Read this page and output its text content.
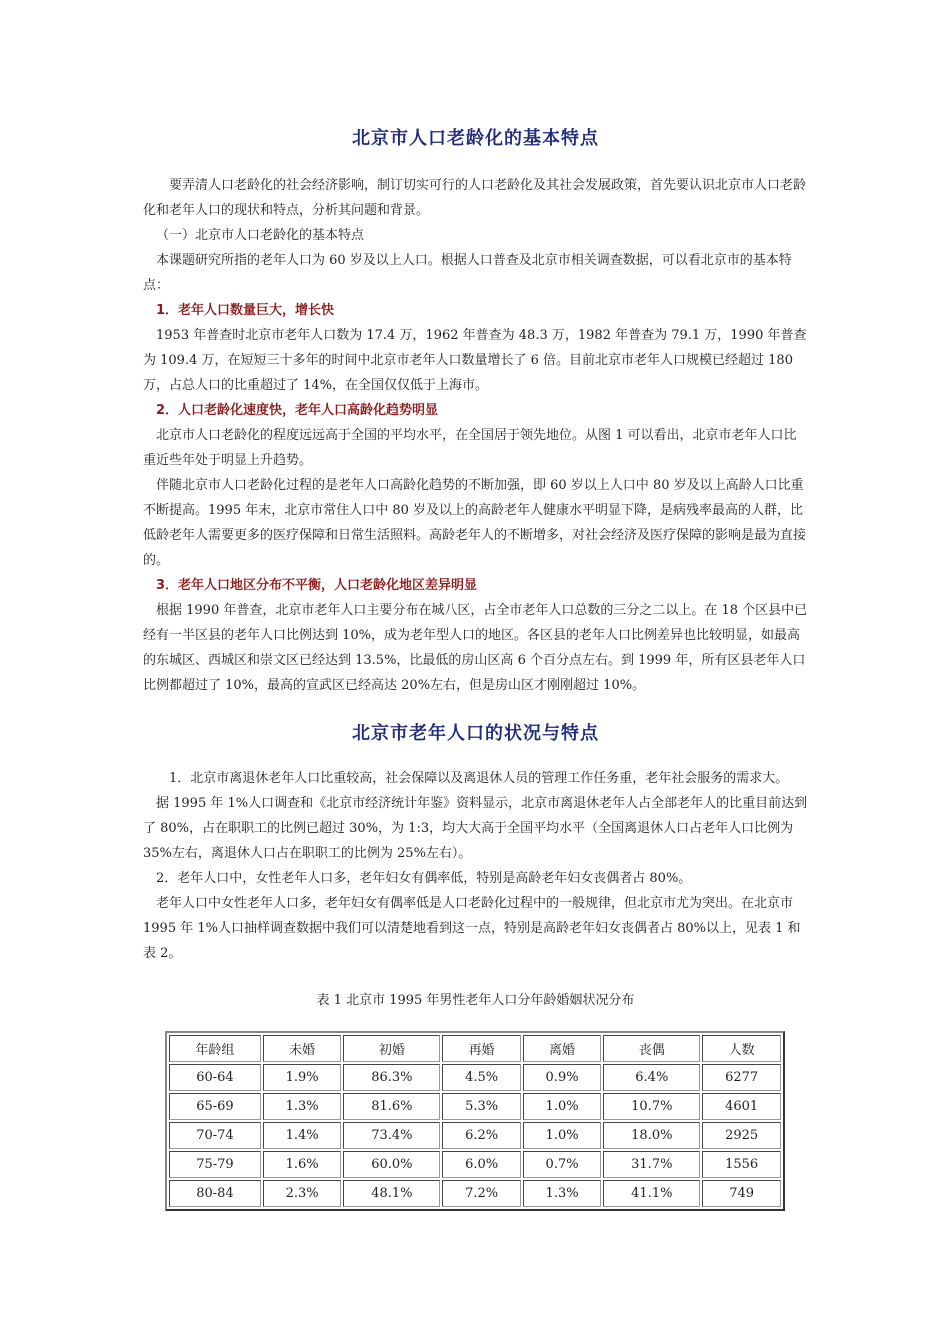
北京市人口老龄化的基本特点

要弄清人口老龄化的社会经济影响，制订切实可行的人口老龄化及其社会发展政策，首先要认识北京市人口老龄化和老年人口的现状和特点，分析其问题和背景。

（一）北京市人口老龄化的基本特点

本课题研究所指的老年人口为 60 岁及以上人口。根据人口普查及北京市相关调查数据，可以看北京市的基本特点：

1．老年人口数量巨大，增长快

1953 年普查时北京市老年人口数为 17.4 万，1962 年普查为 48.3 万，1982 年普查为 79.1 万，1990 年普查为 109.4 万，在短短三十多年的时间中北京市老年人口数量增长了 6 倍。目前北京市老年人口规模已经超过 180 万，占总人口的比重超过了 14%，在全国仅仅低于上海市。

2．人口老龄化速度快，老年人口高龄化趋势明显

北京市人口老龄化的程度远远高于全国的平均水平，在全国居于领先地位。从图 1 可以看出，北京市老年人口比重近些年处于明显上升趋势。

伴随北京市人口老龄化过程的是老年人口高龄化趋势的不断加强，即 60 岁以上人口中 80 岁及以上高龄人口比重不断提高。1995 年末，北京市常住人口中 80 岁及以上的高龄老年人健康水平明显下降，是病残率最高的人群，比低龄老年人需要更多的医疗保障和日常生活照料。高龄老年人的不断增多，对社会经济及医疗保障的影响是最为直接的。

3．老年人口地区分布不平衡，人口老龄化地区差异明显

根据 1990 年普查，北京市老年人口主要分布在城八区，占全市老年人口总数的三分之二以上。在 18 个区县中已经有一半区县的老年人口比例达到 10%，成为老年型人口的地区。各区县的老年人口比例差异也比较明显，如最高的东城区、西城区和崇文区已经达到 13.5%，比最低的房山区高 6 个百分点左右。到 1999 年，所有区县老年人口比例都超过了 10%，最高的宣武区已经高达 20%左右，但是房山区才刚刚超过 10%。

北京市老年人口的状况与特点

1．北京市离退休老年人口比重较高，社会保障以及离退休人员的管理工作任务重，老年社会服务的需求大。

据 1995 年 1%人口调查和《北京市经济统计年鉴》资料显示，北京市离退休老年人占全部老年人的比重目前达到了 80%，占在职职工的比例已超过 30%，为 1:3，均大大高于全国平均水平（全国离退休人口占老年人口比例为 35%左右，离退休人口占在职职工的比例为 25%左右）。

2．老年人口中，女性老年人口多，老年妇女有偶率低，特别是高龄老年妇女丧偶者占 80%。

老年人口中女性老年人口多，老年妇女有偶率低是人口老龄化过程中的一般规律，但北京市尤为突出。在北京市 1995 年 1%人口抽样调查数据中我们可以清楚地看到这一点，特别是高龄老年妇女丧偶者占 80%以上，见表 1 和表 2。

表 1 北京市 1995 年男性老年人口分年龄婚姻状况分布
年龄组	未婚	初婚	再婚	离婚	丧偶	人数
60-64	1.9%	86.3%	4.5%	0.9%	6.4%	6277
65-69	1.3%	81.6%	5.3%	1.0%	10.7%	4601
70-74	1.4%	73.4%	6.2%	1.0%	18.0%	2925
75-79	1.6%	60.0%	6.0%	0.7%	31.7%	1556
80-84	2.3%	48.1%	7.2%	1.3%	41.1%	749
